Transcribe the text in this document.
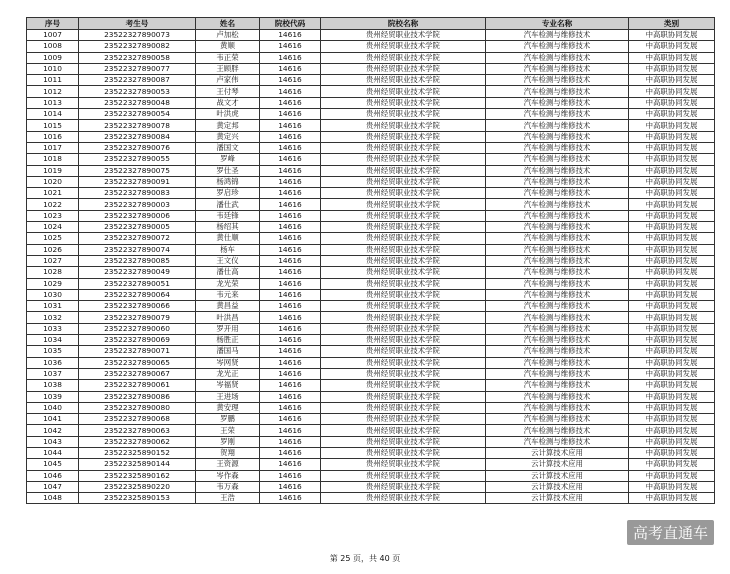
序号	考生号	姓名	院校代码	院校名称	专业名称	类别
1007	23522327890073	卢加松	14616	贵州经贸职业技术学院	汽车检测与维修技术	中高职协同发展
1008	23522327890082	黄顺	14616	贵州经贸职业技术学院	汽车检测与维修技术	中高职协同发展
1009	23522327890058	韦正荣	14616	贵州经贸职业技术学院	汽车检测与维修技术	中高职协同发展
1010	23522327890077	王顾胖	14616	贵州经贸职业技术学院	汽车检测与维修技术	中高职协同发展
1011	23522327890087	卢家伟	14616	贵州经贸职业技术学院	汽车检测与维修技术	中高职协同发展
1012	23522327890053	王付琴	14616	贵州经贸职业技术学院	汽车检测与维修技术	中高职协同发展
1013	23522327890048	战文才	14616	贵州经贸职业技术学院	汽车检测与维修技术	中高职协同发展
1014	23522327890054	叶洪虎	14616	贵州经贸职业技术学院	汽车检测与维修技术	中高职协同发展
1015	23522327890078	黄定邦	14616	贵州经贸职业技术学院	汽车检测与维修技术	中高职协同发展
1016	23522327890084	黄定兴	14616	贵州经贸职业技术学院	汽车检测与维修技术	中高职协同发展
1017	23522327890076	潘国文	14616	贵州经贸职业技术学院	汽车检测与维修技术	中高职协同发展
1018	23522327890055	罗峰	14616	贵州经贸职业技术学院	汽车检测与维修技术	中高职协同发展
1019	23522327890075	罗仕圣	14616	贵州经贸职业技术学院	汽车检测与维修技术	中高职协同发展
1020	23522327890091	杨鸿锦	14616	贵州经贸职业技术学院	汽车检测与维修技术	中高职协同发展
1021	23522327890083	罗启珍	14616	贵州经贸职业技术学院	汽车检测与维修技术	中高职协同发展
1022	23522327890003	潘仕武	14616	贵州经贸职业技术学院	汽车检测与维修技术	中高职协同发展
1023	23522327890006	韦廷锋	14616	贵州经贸职业技术学院	汽车检测与维修技术	中高职协同发展
1024	23522327890005	杨绍其	14616	贵州经贸职业技术学院	汽车检测与维修技术	中高职协同发展
1025	23522327890072	黄仕顺	14616	贵州经贸职业技术学院	汽车检测与维修技术	中高职协同发展
1026	23522327890074	杨车	14616	贵州经贸职业技术学院	汽车检测与维修技术	中高职协同发展
1027	23522327890085	王文仪	14616	贵州经贸职业技术学院	汽车检测与维修技术	中高职协同发展
1028	23522327890049	潘仕高	14616	贵州经贸职业技术学院	汽车检测与维修技术	中高职协同发展
1029	23522327890051	龙光荣	14616	贵州经贸职业技术学院	汽车检测与维修技术	中高职协同发展
1030	23522327890064	韦元来	14616	贵州经贸职业技术学院	汽车检测与维修技术	中高职协同发展
1031	23522327890066	黄昌益	14616	贵州经贸职业技术学院	汽车检测与维修技术	中高职协同发展
1032	23522327890079	叶洪昌	14616	贵州经贸职业技术学院	汽车检测与维修技术	中高职协同发展
1033	23522327890060	罗开用	14616	贵州经贸职业技术学院	汽车检测与维修技术	中高职协同发展
1034	23522327890069	杨胜正	14616	贵州经贸职业技术学院	汽车检测与维修技术	中高职协同发展
1035	23522327890071	潘国马	14616	贵州经贸职业技术学院	汽车检测与维修技术	中高职协同发展
1036	23522327890065	岑网贤	14616	贵州经贸职业技术学院	汽车检测与维修技术	中高职协同发展
1037	23522327890067	龙光正	14616	贵州经贸职业技术学院	汽车检测与维修技术	中高职协同发展
1038	23522327890061	岑福贤	14616	贵州经贸职业技术学院	汽车检测与维修技术	中高职协同发展
1039	23522327890086	王进场	14616	贵州经贸职业技术学院	汽车检测与维修技术	中高职协同发展
1040	23522327890080	黄安理	14616	贵州经贸职业技术学院	汽车检测与维修技术	中高职协同发展
1041	23522327890068	罗鹏	14616	贵州经贸职业技术学院	汽车检测与维修技术	中高职协同发展
1042	23522327890063	王荣	14616	贵州经贸职业技术学院	汽车检测与维修技术	中高职协同发展
1043	23522327890062	罗刚	14616	贵州经贸职业技术学院	汽车检测与维修技术	中高职协同发展
1044	23522325890152	贺翔	14616	贵州经贸职业技术学院	云计算技术应用	中高职协同发展
1045	23522325890144	王资源	14616	贵州经贸职业技术学院	云计算技术应用	中高职协同发展
1046	23522325890162	岑作森	14616	贵州经贸职业技术学院	云计算技术应用	中高职协同发展
1047	23522325890220	韦万森	14616	贵州经贸职业技术学院	云计算技术应用	中高职协同发展
1048	23522325890153	王浩	14616	贵州经贸职业技术学院	云计算技术应用	中高职协同发展
第 25 页，共 40 页
高考直通车
